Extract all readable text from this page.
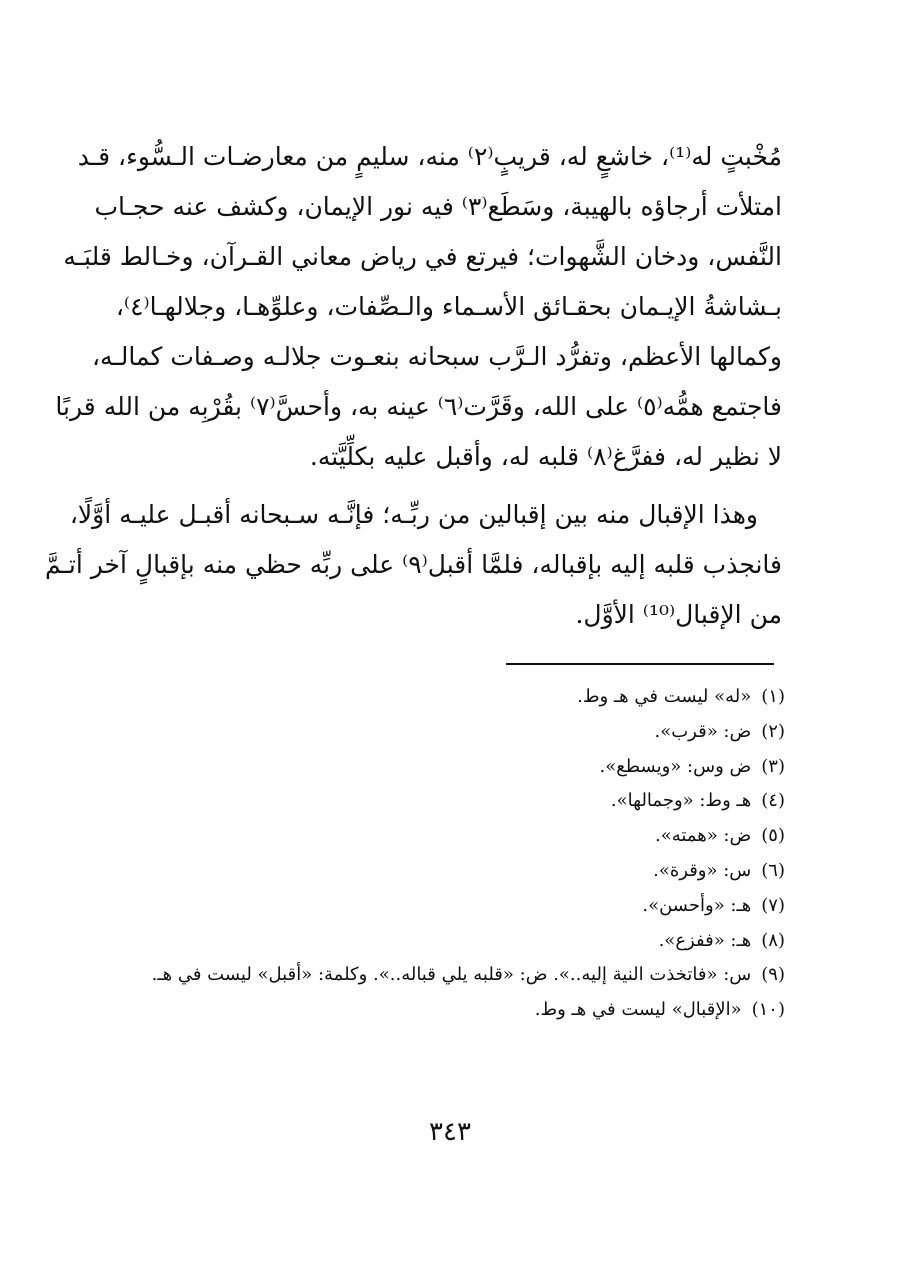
مُخْبتٍ له⁽¹⁾، خاشعٍ له، قريبٍ⁽٢⁾ منه، سليمٍ من معارضـات الـسُّوء، قـد
امتلأت أرجاؤه بالهيبة، وسَطَع⁽٣⁾ فيه نور الإيمان، وكشف عنه حجـاب
النَّفس، ودخان الشَّهوات؛ فيرتع في رياض معاني القـرآن، وخـالط قلبَـه
بـشاشةُ الإيـمان بحقـائق الأسـماء والـصِّفات، وعلوِّهـا، وجلالهـا⁽٤⁾،
وكمالها الأعظم، وتفرُّد الـرَّب سبحانه بنعـوت جلالـه وصـفات كمالـه،
فاجتمع همُّه⁽٥⁾ على الله، وقَرَّت⁽٦⁾ عينه به، وأحسَّ⁽٧⁾ بقُرْبِه من الله قربًا
لا نظير له، ففرَّغ⁽٨⁾ قلبه له، وأقبل عليه بكلِّيَّته.
وهذا الإقبال منه بين إقبالين من ربِّـه؛ فإنَّـه سـبحانه أقبـل عليـه أوَّلًا،
فانجذب قلبه إليه بإقباله، فلمَّا أقبل⁽٩⁾ على ربِّه حظي منه بإقبالٍ آخر أتـمَّ
من الإقبال⁽¹⁰⁾ الأوَّل.
(١)«له» ليست في هـ وط.
(٢)ض: «قرب».
(٣)ض وس: «ويسطع».
(٤)هـ وط: «وجمالها».
(٥)ض: «همته».
(٦)س: «وقرة».
(٧)هـ: «وأحسن».
(٨)هـ: «ففزع».
(٩)س: «فاتخذت النية إليه..». ض: «قلبه يلي قباله..». وكلمة: «أقبل» ليست في هـ.
(١٠)«الإقبال» ليست في هـ وط.
٣٤٣
